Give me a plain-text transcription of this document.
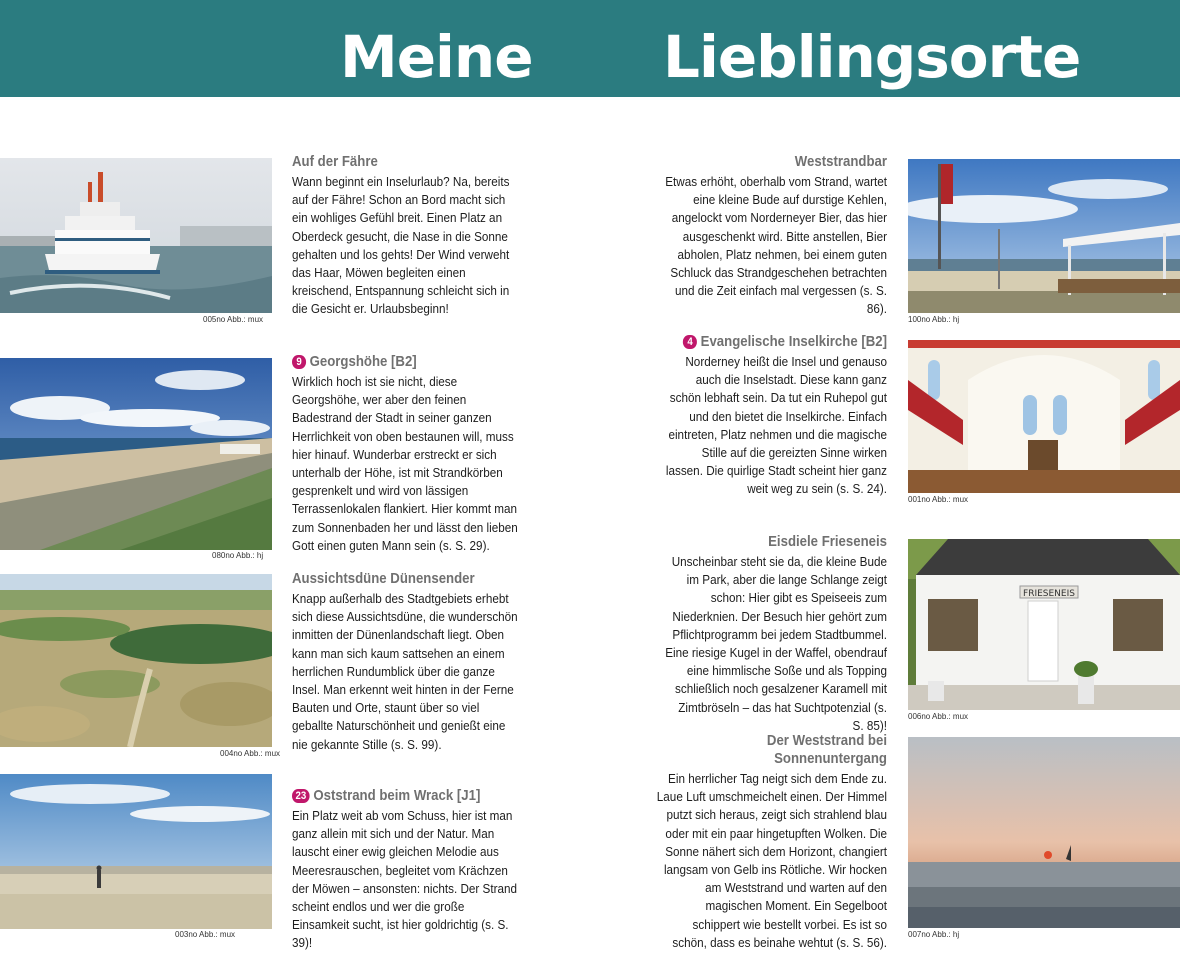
Meine Lieblingsorte
005no Abb.: mux
080no Abb.: hj
004no Abb.: mux
003no Abb.: mux
Auf der Fähre

Wann beginnt ein Inselurlaub? Na, bereits auf der Fähre! Schon an Bord macht sich ein wohliges Gefühl breit. Einen Platz an Oberdeck gesucht, die Nase in die Sonne gehalten und los gehts! Der Wind verweht das Haar, Möwen begleiten einen kreischend, Entspannung schleicht sich in die Gesicht er. Urlaubsbeginn!

9 Georgshöhe [B2]

Wirklich hoch ist sie nicht, diese Georgshöhe, wer aber den feinen Badestrand der Stadt in seiner ganzen Herrlichkeit von oben bestaunen will, muss hier hinauf. Wunderbar erstreckt er sich unterhalb der Höhe, ist mit Strandkörben gesprenkelt und wird von lässigen Terrassenlokalen flankiert. Hier kommt man zum Sonnenbaden her und lässt den lieben Gott einen guten Mann sein (s. S. 29).

Aussichtsdüne Dünensender

Knapp außerhalb des Stadtgebiets erhebt sich diese Aussichtsdüne, die wunderschön inmitten der Dünenlandschaft liegt. Oben kann man sich kaum sattsehen an einem herrlichen Rundumblick über die ganze Insel. Man erkennt weit hinten in der Ferne Bauten und Orte, staunt über so viel geballte Naturschönheit und genießt eine nie gekannte Stille (s. S. 99).

23 Oststrand beim Wrack [J1]

Ein Platz weit ab vom Schuss, hier ist man ganz allein mit sich und der Natur. Man lauscht einer ewig gleichen Melodie aus Meeresrauschen, begleitet vom Krächzen der Möwen – ansonsten: nichts. Der Strand scheint endlos und wer die große Einsamkeit sucht, ist hier goldrichtig (s. S. 39)!

Weststrandbar

Etwas erhöht, oberhalb vom Strand, wartet eine kleine Bude auf durstige Kehlen, angelockt vom Norderneyer Bier, das hier ausgeschenkt wird. Bitte anstellen, Bier abholen, Platz nehmen, bei einem guten Schluck das Strandgeschehen betrachten und die Zeit einfach mal vergessen (s. S. 86).

4 Evangelische Inselkirche [B2]

Norderney heißt die Insel und genauso auch die Inselstadt. Diese kann ganz schön lebhaft sein. Da tut ein Ruhepol gut und den bietet die Inselkirche. Einfach eintreten, Platz nehmen und die magische Stille auf die gereizten Sinne wirken lassen. Die quirlige Stadt scheint hier ganz weit weg zu sein (s. S. 24).

Eisdiele Frieseneis

Unscheinbar steht sie da, die kleine Bude im Park, aber die lange Schlange zeigt schon: Hier gibt es Speiseeis zum Niederknien. Der Besuch hier gehört zum Pflichtprogramm bei jedem Stadtbummel. Eine riesige Kugel in der Waffel, obendrauf eine himmlische Soße und als Topping schließlich noch gesalzener Karamell mit Zimtbröseln – das hat Suchtpotenzial (s. S. 85)!

Der Weststrand bei Sonnenuntergang

Ein herrlicher Tag neigt sich dem Ende zu. Laue Luft umschmeichelt einen. Der Himmel putzt sich heraus, zeigt sich strahlend blau oder mit ein paar hingetupften Wolken. Die Sonne nähert sich dem Horizont, changiert langsam von Gelb ins Rötliche. Wir hocken am Weststrand und warten auf den magischen Moment. Ein Segelboot schippert wie bestellt vorbei. Es ist so schön, dass es beinahe wehtut (s. S. 56).

100no Abb.: hj
001no Abb.: mux
FRIESENEIS
006no Abb.: mux
007no Abb.: hj
